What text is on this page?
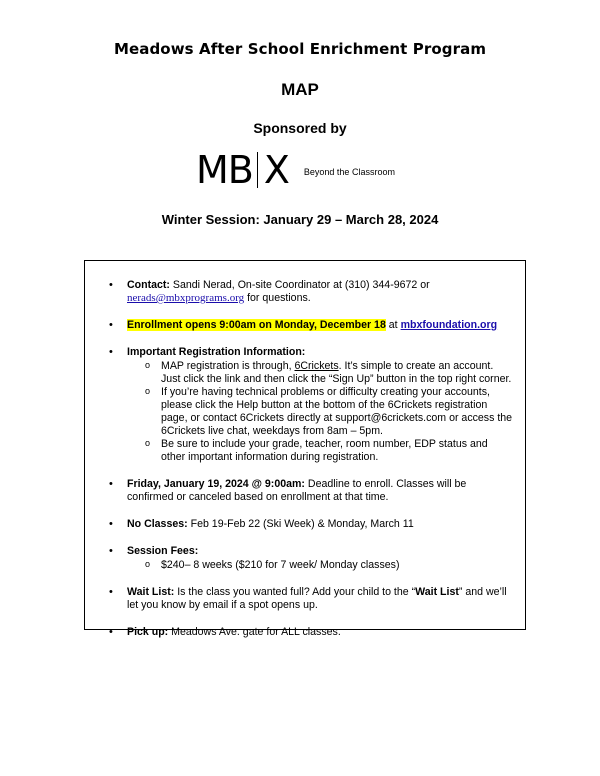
Meadows After School Enrichment Program
MAP
Sponsored by
MB X Beyond the Classroom
Winter Session: January 29 – March 28, 2024
• Contact: Sandi Nerad, On-site Coordinator at (310) 344-9672 or
nerads@mbxprograms.org for questions.
• Enrollment opens 9:00am on Monday, December 18 at mbxfoundation.org
• Important Registration Information:
o MAP registration is through, 6Crickets. It’s simple to create an account. Just click the link and then click the “Sign Up” button in the top right corner.
o If you’re having technical problems or difficulty creating your accounts, please click the Help button at the bottom of the 6Crickets registration page, or contact 6Crickets directly at support@6crickets.com or access the 6Crickets live chat, weekdays from 8am – 5pm.
o Be sure to include your grade, teacher, room number, EDP status and other important information during registration.
• Friday, January 19, 2024 @ 9:00am: Deadline to enroll. Classes will be confirmed or canceled based on enrollment at that time.
• No Classes: Feb 19-Feb 22 (Ski Week) & Monday, March 11
• Session Fees:
o $240– 8 weeks ($210 for 7 week/ Monday classes)
• Wait List: Is the class you wanted full? Add your child to the “Wait List” and we’ll let you know by email if a spot opens up.
• Pick up: Meadows Ave. gate for ALL classes.
